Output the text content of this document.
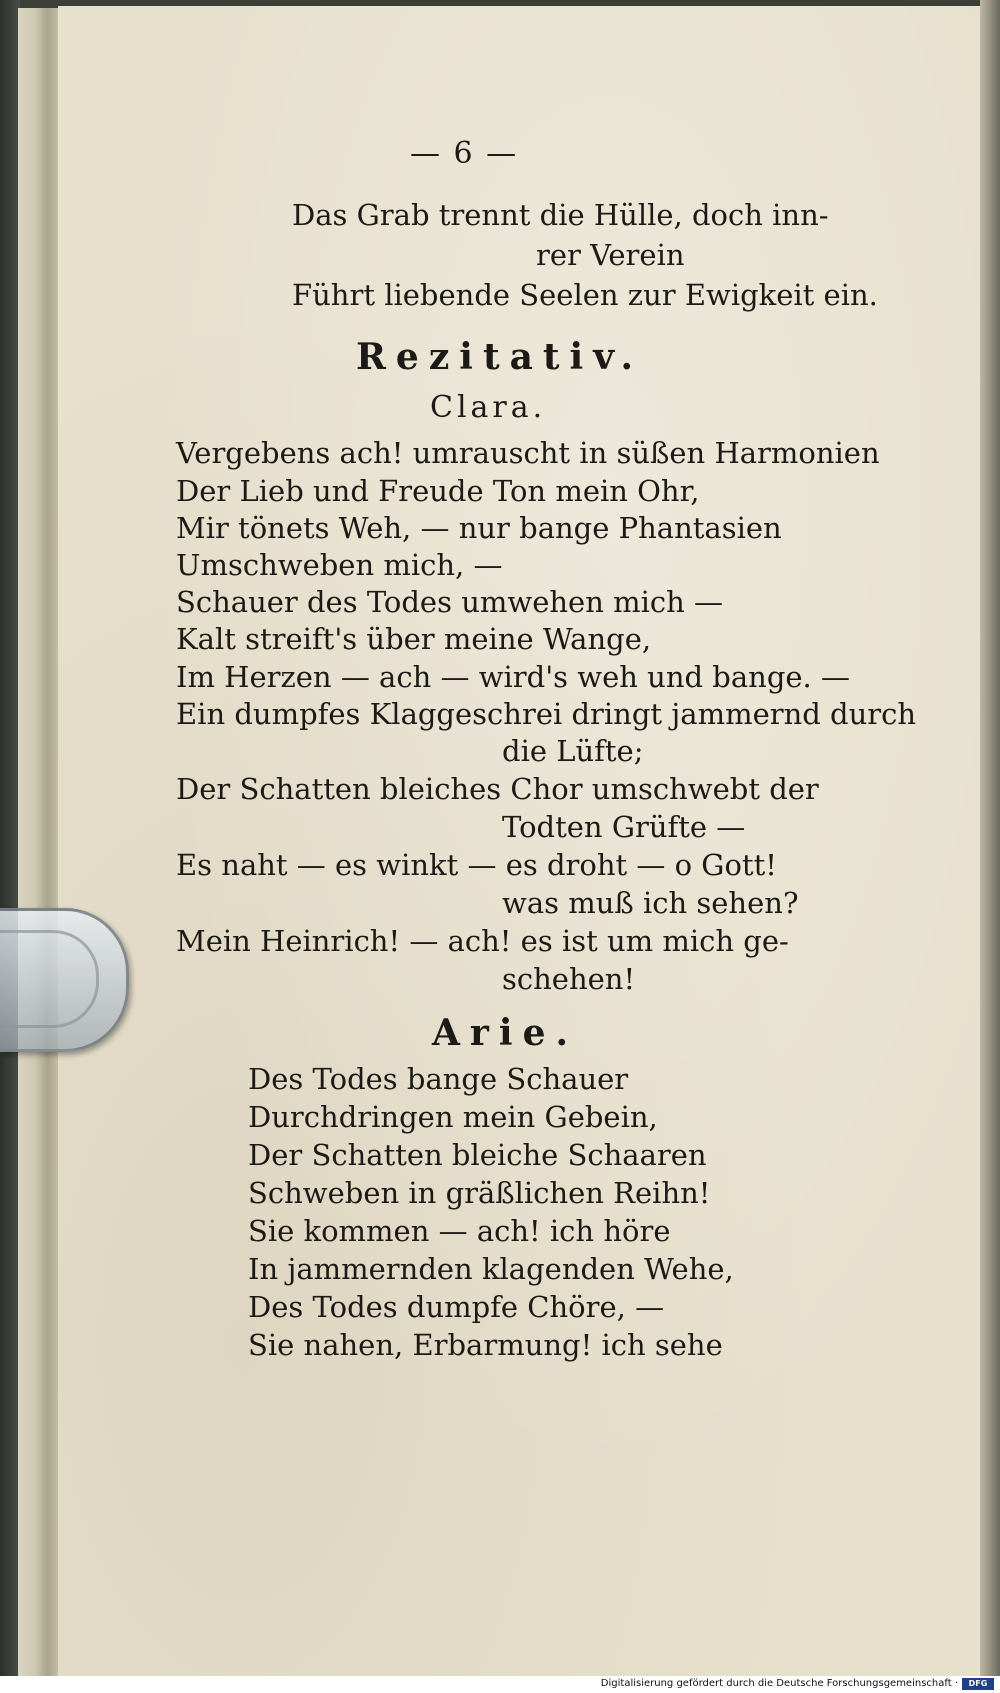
— 6 —
Das Grab trennt die Hülle, doch inn-
rer Verein
Führt liebende Seelen zur Ewigkeit ein.
Rezitativ.
Clara.
Vergebens ach! umrauscht in süßen Harmonien
Der Lieb und Freude Ton mein Ohr,
Mir tönets Weh, — nur bange Phantasien
Umschweben mich, —
Schauer des Todes umwehen mich —
Kalt streift's über meine Wange,
Im Herzen — ach — wird's weh und bange. —
Ein dumpfes Klaggeschrei dringt jammernd durch
die Lüfte;
Der Schatten bleiches Chor umschwebt der
Todten Grüfte —
Es naht — es winkt — es droht — o Gott!
was muß ich sehen?
Mein Heinrich! — ach! es ist um mich ge-
schehen!
Arie.
Des Todes bange Schauer
Durchdringen mein Gebein,
Der Schatten bleiche Schaaren
Schweben in gräßlichen Reihn!
Sie kommen — ach! ich höre
In jammernden klagenden Wehe,
Des Todes dumpfe Chöre, —
Sie nahen, Erbarmung! ich sehe
Digitalisierung gefördert durch die Deutsche Forschungsgemeinschaft ·	DFG
